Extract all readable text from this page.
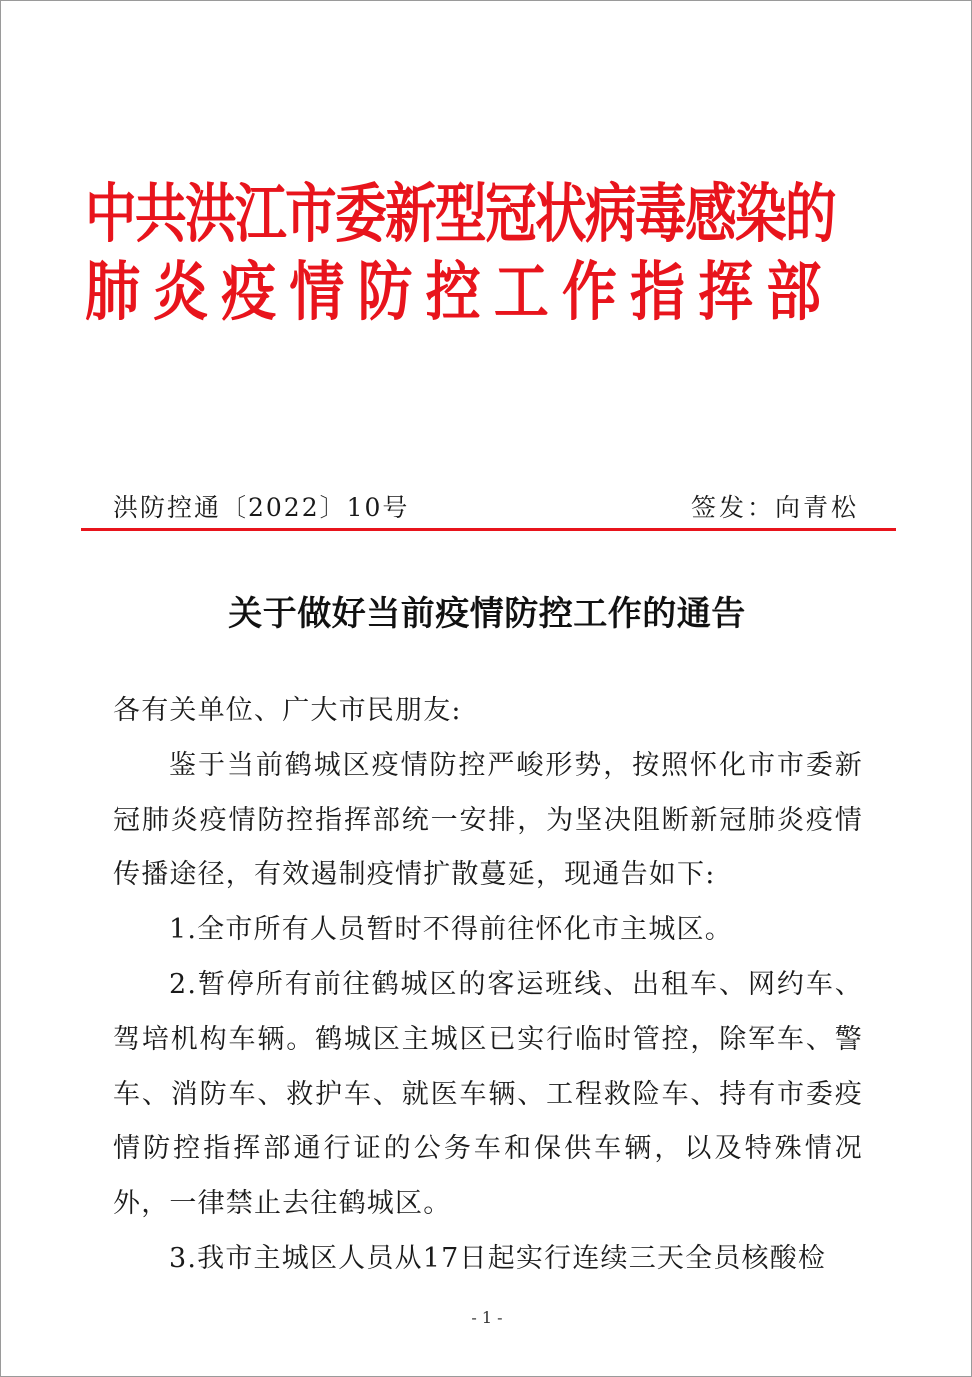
中共洪江市委新型冠状病毒感染的
肺炎疫情防控工作指挥部
洪防控通〔2022〕10号	签发：向青松
关于做好当前疫情防控工作的通告

各有关单位、广大市民朋友:

鉴于当前鹤城区疫情防控严峻形势，按照怀化市市委新冠肺炎疫情防控指挥部统一安排，为坚决阻断新冠肺炎疫情传播途径，有效遏制疫情扩散蔓延，现通告如下:

1.全市所有人员暂时不得前往怀化市主城区。

2.暂停所有前往鹤城区的客运班线、出租车、网约车、驾培机构车辆。鹤城区主城区已实行临时管控，除军车、警车、消防车、救护车、就医车辆、工程救险车、持有市委疫情防控指挥部通行证的公务车和保供车辆，以及特殊情况外，一律禁止去往鹤城区。

3.我市主城区人员从17日起实行连续三天全员核酸检

- 1 -
